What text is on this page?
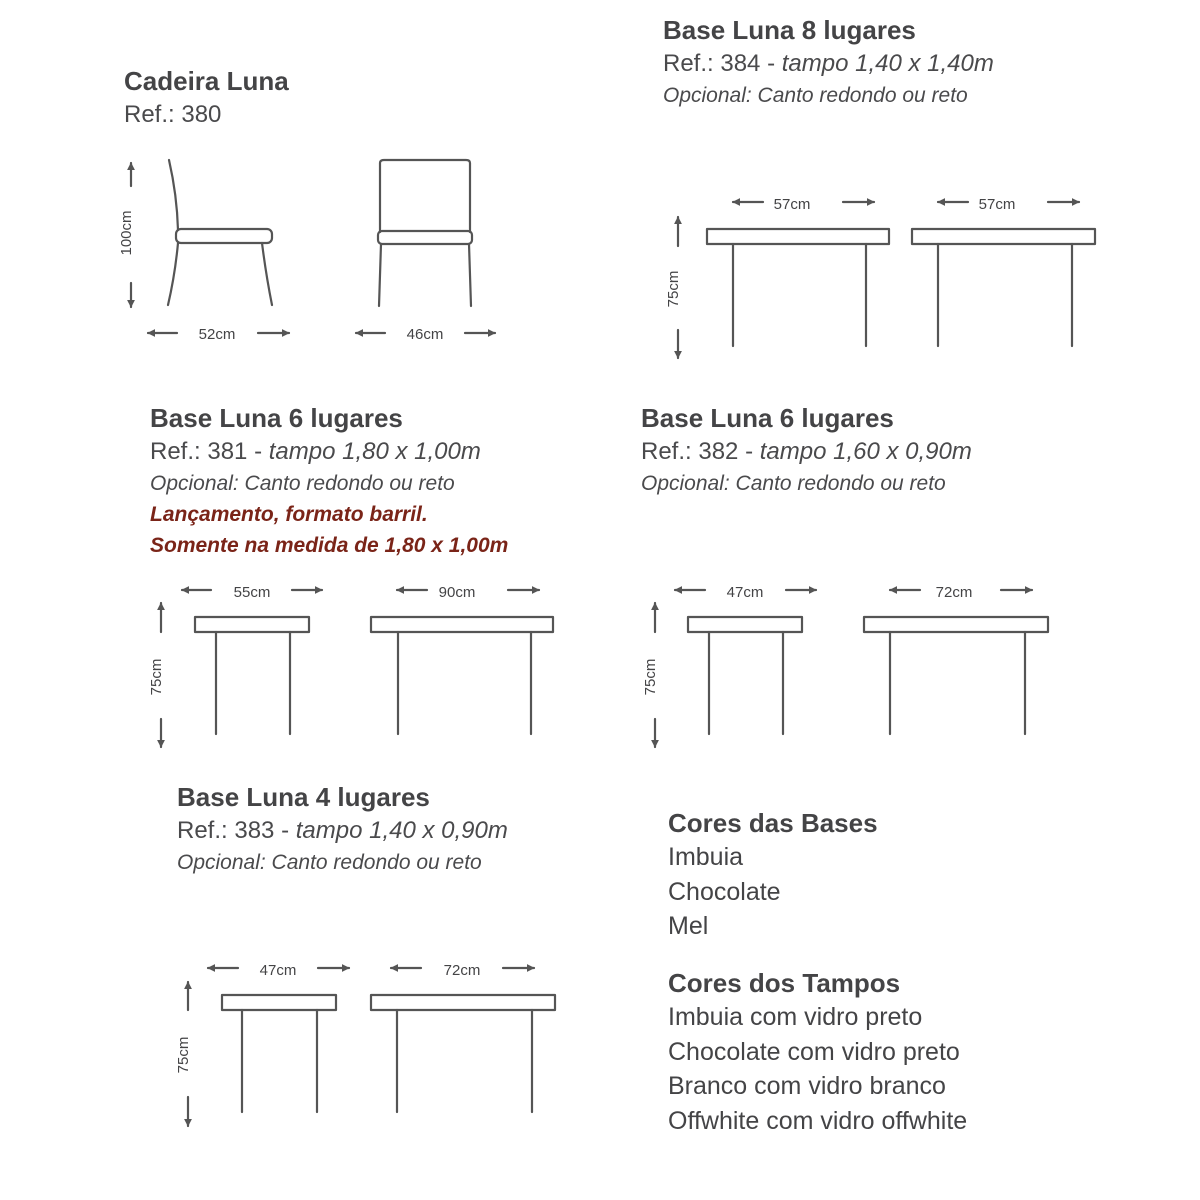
Cadeira Luna
Ref.: 380
Base Luna 8 lugares
Ref.: 384 - tampo 1,40 x 1,40m
Opcional: Canto redondo ou reto
Base Luna 6 lugares
Ref.: 381 - tampo 1,80 x 1,00m
Opcional: Canto redondo ou reto
Lançamento, formato barril.
Somente na medida de 1,80 x 1,00m
Base Luna 6 lugares
Ref.: 382 - tampo 1,60 x 0,90m
Opcional: Canto redondo ou reto
Base Luna 4 lugares
Ref.: 383 - tampo 1,40 x 0,90m
Opcional: Canto redondo ou reto
Cores das Bases
Imbuia
Chocolate
Mel
Cores dos Tampos
Imbuia com vidro preto
Chocolate com vidro preto
Branco com vidro branco
Offwhite com vidro offwhite
100cm
52cm	46cm
75cm
57cm	57cm
75cm
55cm	90cm
75cm
47cm	72cm
75cm
47cm	72cm
